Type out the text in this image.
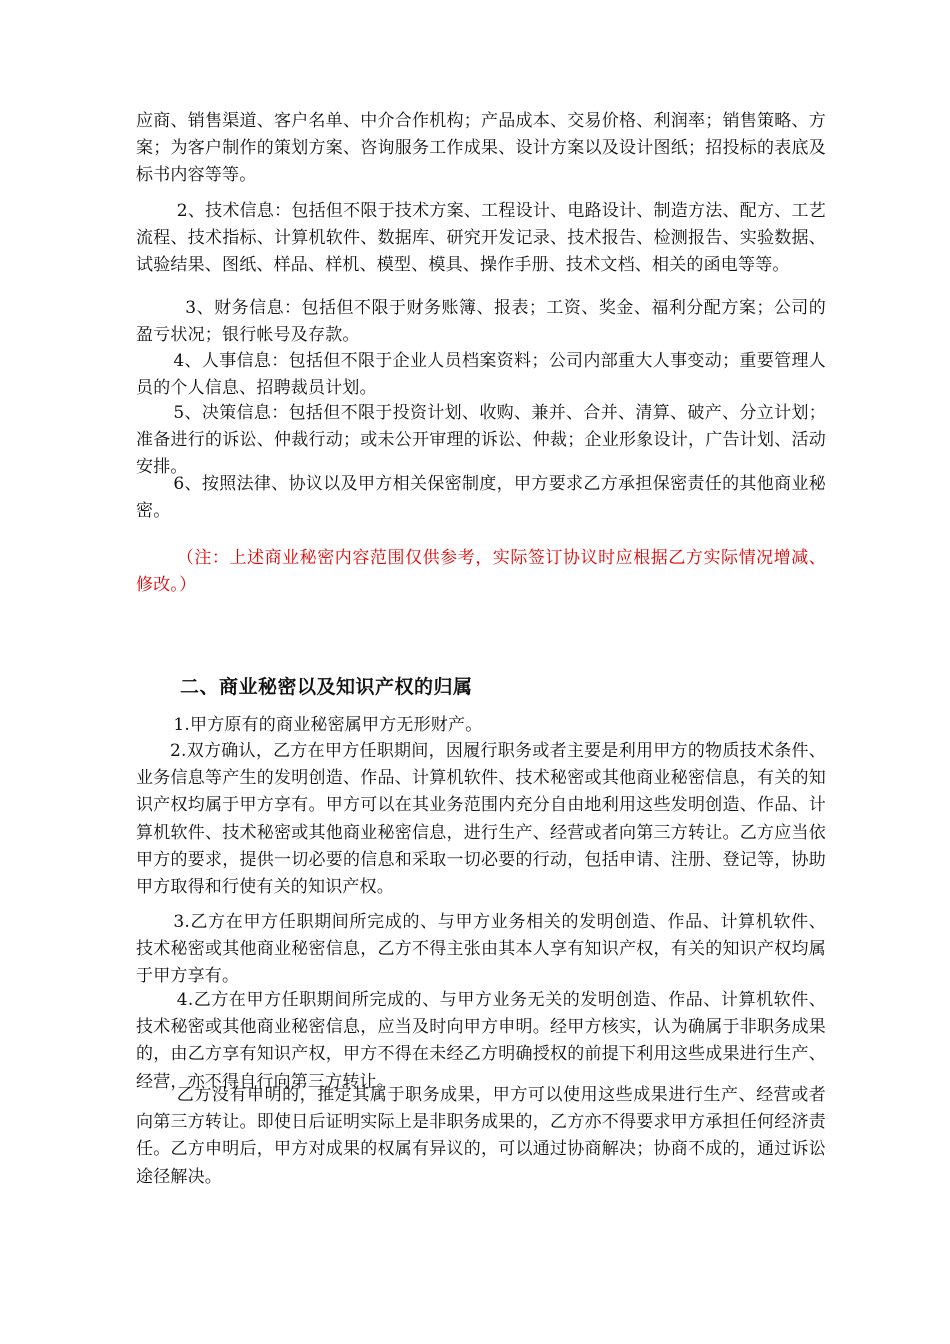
应商、销售渠道、客户名单、中介合作机构；产品成本、交易价格、利润率；销售策略、方案；为客户制作的策划方案、咨询服务工作成果、设计方案以及设计图纸；招投标的表底及标书内容等等。

2、技术信息：包括但不限于技术方案、工程设计、电路设计、制造方法、配方、工艺流程、技术指标、计算机软件、数据库、研究开发记录、技术报告、检测报告、实验数据、试验结果、图纸、样品、样机、模型、模具、操作手册、技术文档、相关的函电等等。

3、财务信息：包括但不限于财务账簿、报表；工资、奖金、福利分配方案；公司的盈亏状况；银行帐号及存款。

4、人事信息：包括但不限于企业人员档案资料；公司内部重大人事变动；重要管理人员的个人信息、招聘裁员计划。

5、决策信息：包括但不限于投资计划、收购、兼并、合并、清算、破产、分立计划；准备进行的诉讼、仲裁行动；或未公开审理的诉讼、仲裁；企业形象设计，广告计划、活动安排。

6、按照法律、协议以及甲方相关保密制度，甲方要求乙方承担保密责任的其他商业秘密。

（注：上述商业秘密内容范围仅供参考，实际签订协议时应根据乙方实际情况增减、修改。）

二、商业秘密以及知识产权的归属

1.甲方原有的商业秘密属甲方无形财产。

2.双方确认，乙方在甲方任职期间，因履行职务或者主要是利用甲方的物质技术条件、业务信息等产生的发明创造、作品、计算机软件、技术秘密或其他商业秘密信息，有关的知识产权均属于甲方享有。甲方可以在其业务范围内充分自由地利用这些发明创造、作品、计算机软件、技术秘密或其他商业秘密信息，进行生产、经营或者向第三方转让。乙方应当依甲方的要求，提供一切必要的信息和采取一切必要的行动，包括申请、注册、登记等，协助甲方取得和行使有关的知识产权。

3.乙方在甲方任职期间所完成的、与甲方业务相关的发明创造、作品、计算机软件、技术秘密或其他商业秘密信息，乙方不得主张由其本人享有知识产权，有关的知识产权均属于甲方享有。

4.乙方在甲方任职期间所完成的、与甲方业务无关的发明创造、作品、计算机软件、技术秘密或其他商业秘密信息，应当及时向甲方申明。经甲方核实，认为确属于非职务成果的，由乙方享有知识产权，甲方不得在未经乙方明确授权的前提下利用这些成果进行生产、经营，亦不得自行向第三方转让。

乙方没有申明的，推定其属于职务成果，甲方可以使用这些成果进行生产、经营或者向第三方转让。即使日后证明实际上是非职务成果的，乙方亦不得要求甲方承担任何经济责任。乙方申明后，甲方对成果的权属有异议的，可以通过协商解决；协商不成的，通过诉讼途径解决。
